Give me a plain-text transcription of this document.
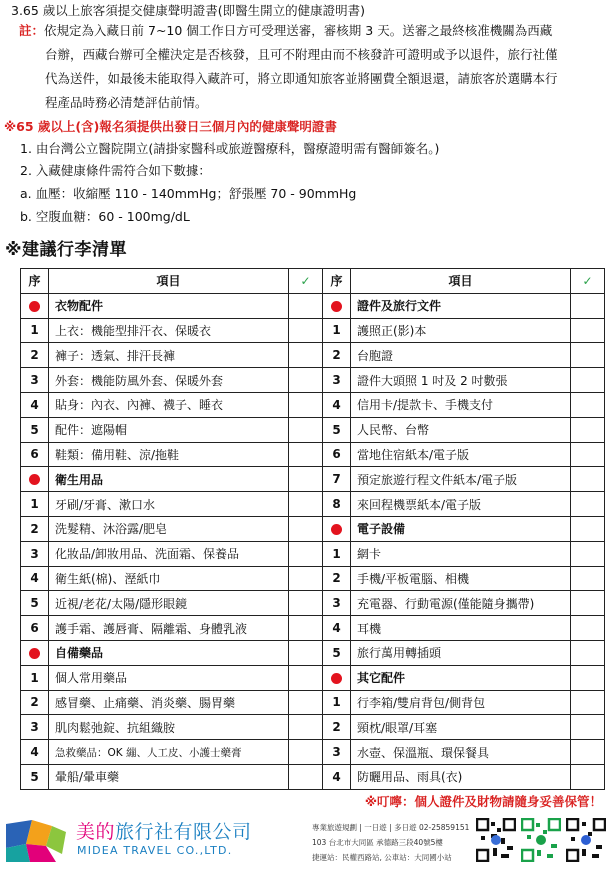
3.65 歲以上旅客須提交健康聲明證書(即醫生開立的健康證明書)
註：依規定為入藏日前 7~10 個工作日方可受理送審，審核期 3 天。送審之最終核准機關為西藏
台辦，西藏台辦可全權決定是否核發，且可不附理由而不核發許可證明或予以退件，旅行社僅
代為送件，如最後未能取得入藏許可，將立即通知旅客並將團費全額退還，請旅客於選購本行
程產品時務必清楚評估前情。
※65 歲以上(含)報名須提供出發日三個月內的健康聲明證書
1. 由台灣公立醫院開立(請掛家醫科或旅遊醫療科，醫療證明需有醫師簽名。)
2. 入藏健康條件需符合如下數據：
a. 血壓：收縮壓 110 - 140mmHg；舒張壓 70 - 90mmHg
b. 空腹血糖：60 - 100mg/dL
※建議行李清單
序	項目	✓	序	項目	✓
	衣物配件			證件及旅行文件	
1	上衣：機能型排汗衣、保暖衣		1	護照正(影)本	
2	褲子：透氣、排汗長褲		2	台胞證	
3	外套：機能防風外套、保暖外套		3	證件大頭照 1 吋及 2 吋數張	
4	貼身：內衣、內褲、襪子、睡衣		4	信用卡/提款卡、手機支付	
5	配件：遮陽帽		5	人民幣、台幣	
6	鞋類：備用鞋、涼/拖鞋		6	當地住宿紙本/電子版	
	衛生用品		7	預定旅遊行程文件紙本/電子版	
1	牙刷/牙膏、漱口水		8	來回程機票紙本/電子版	
2	洗髮精、沐浴露/肥皂			電子設備	
3	化妝品/卸妝用品、洗面霜、保養品		1	網卡	
4	衛生紙(棉)、溼紙巾		2	手機/平板電腦、相機	
5	近視/老花/太陽/隱形眼鏡		3	充電器、行動電源(僅能隨身攜帶)	
6	護手霜、護唇膏、隔離霜、身體乳液		4	耳機	
	自備藥品		5	旅行萬用轉插頭	
1	個人常用藥品			其它配件	
2	感冒藥、止痛藥、消炎藥、腸胃藥		1	行李箱/雙肩背包/側背包	
3	肌肉鬆弛錠、抗組織胺		2	頸枕/眼罩/耳塞	
4	急救藥品：OK 繃、人工皮、小護士藥膏		3	水壺、保溫瓶、環保餐具	
5	暈船/暈車藥		4	防曬用品、雨具(衣)	
※叮嚀：個人證件及財物請隨身妥善保管！
美的旅行社有限公司
MIDEA TRAVEL CO.,LTD.
專業旅遊規劃 | 一日遊 | 多日遊 02-25859151
103 台北市大同區 承德路三段40號5樓
捷運站：民權西路站, 公車站：大同國小站
